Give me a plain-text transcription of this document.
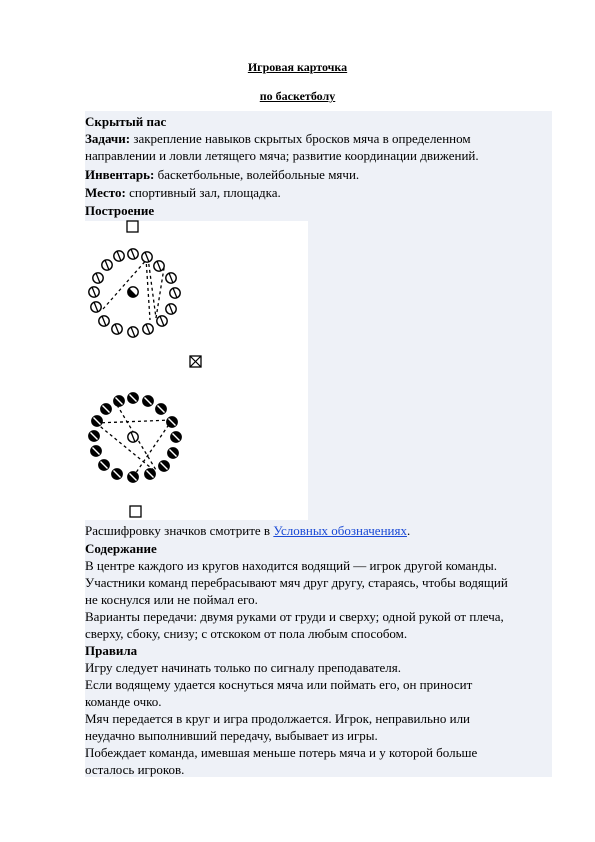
Игровая карточка
по баскетболу
Скрытый пас
Задачи: закрепление навыков скрытых бросков мяча в определенном
направлении и ловли летящего мяча; развитие координации движений.
Инвентарь: баскетбольные, волейбольные мячи.
Место: спортивный зал, площадка.
Построение
Расшифровку значков смотрите в Условных обозначениях.
Содержание
В центре каждого из кругов находится водящий — игрок другой команды.
Участники команд перебрасывают мяч друг другу, стараясь, чтобы водящий
не коснулся или не поймал его.
Варианты передачи: двумя руками от груди и сверху; одной рукой от плеча,
сверху, сбоку, снизу; с отскоком от пола любым способом.
Правила
Игру следует начинать только по сигналу преподавателя.
Если водящему удается коснуться мяча или поймать его, он приносит
команде очко.
Мяч передается в круг и игра продолжается. Игрок, неправильно или
неудачно выполнивший передачу, выбывает из игры.
Побеждает команда, имевшая меньше потерь мяча и у которой больше
осталось игроков.
